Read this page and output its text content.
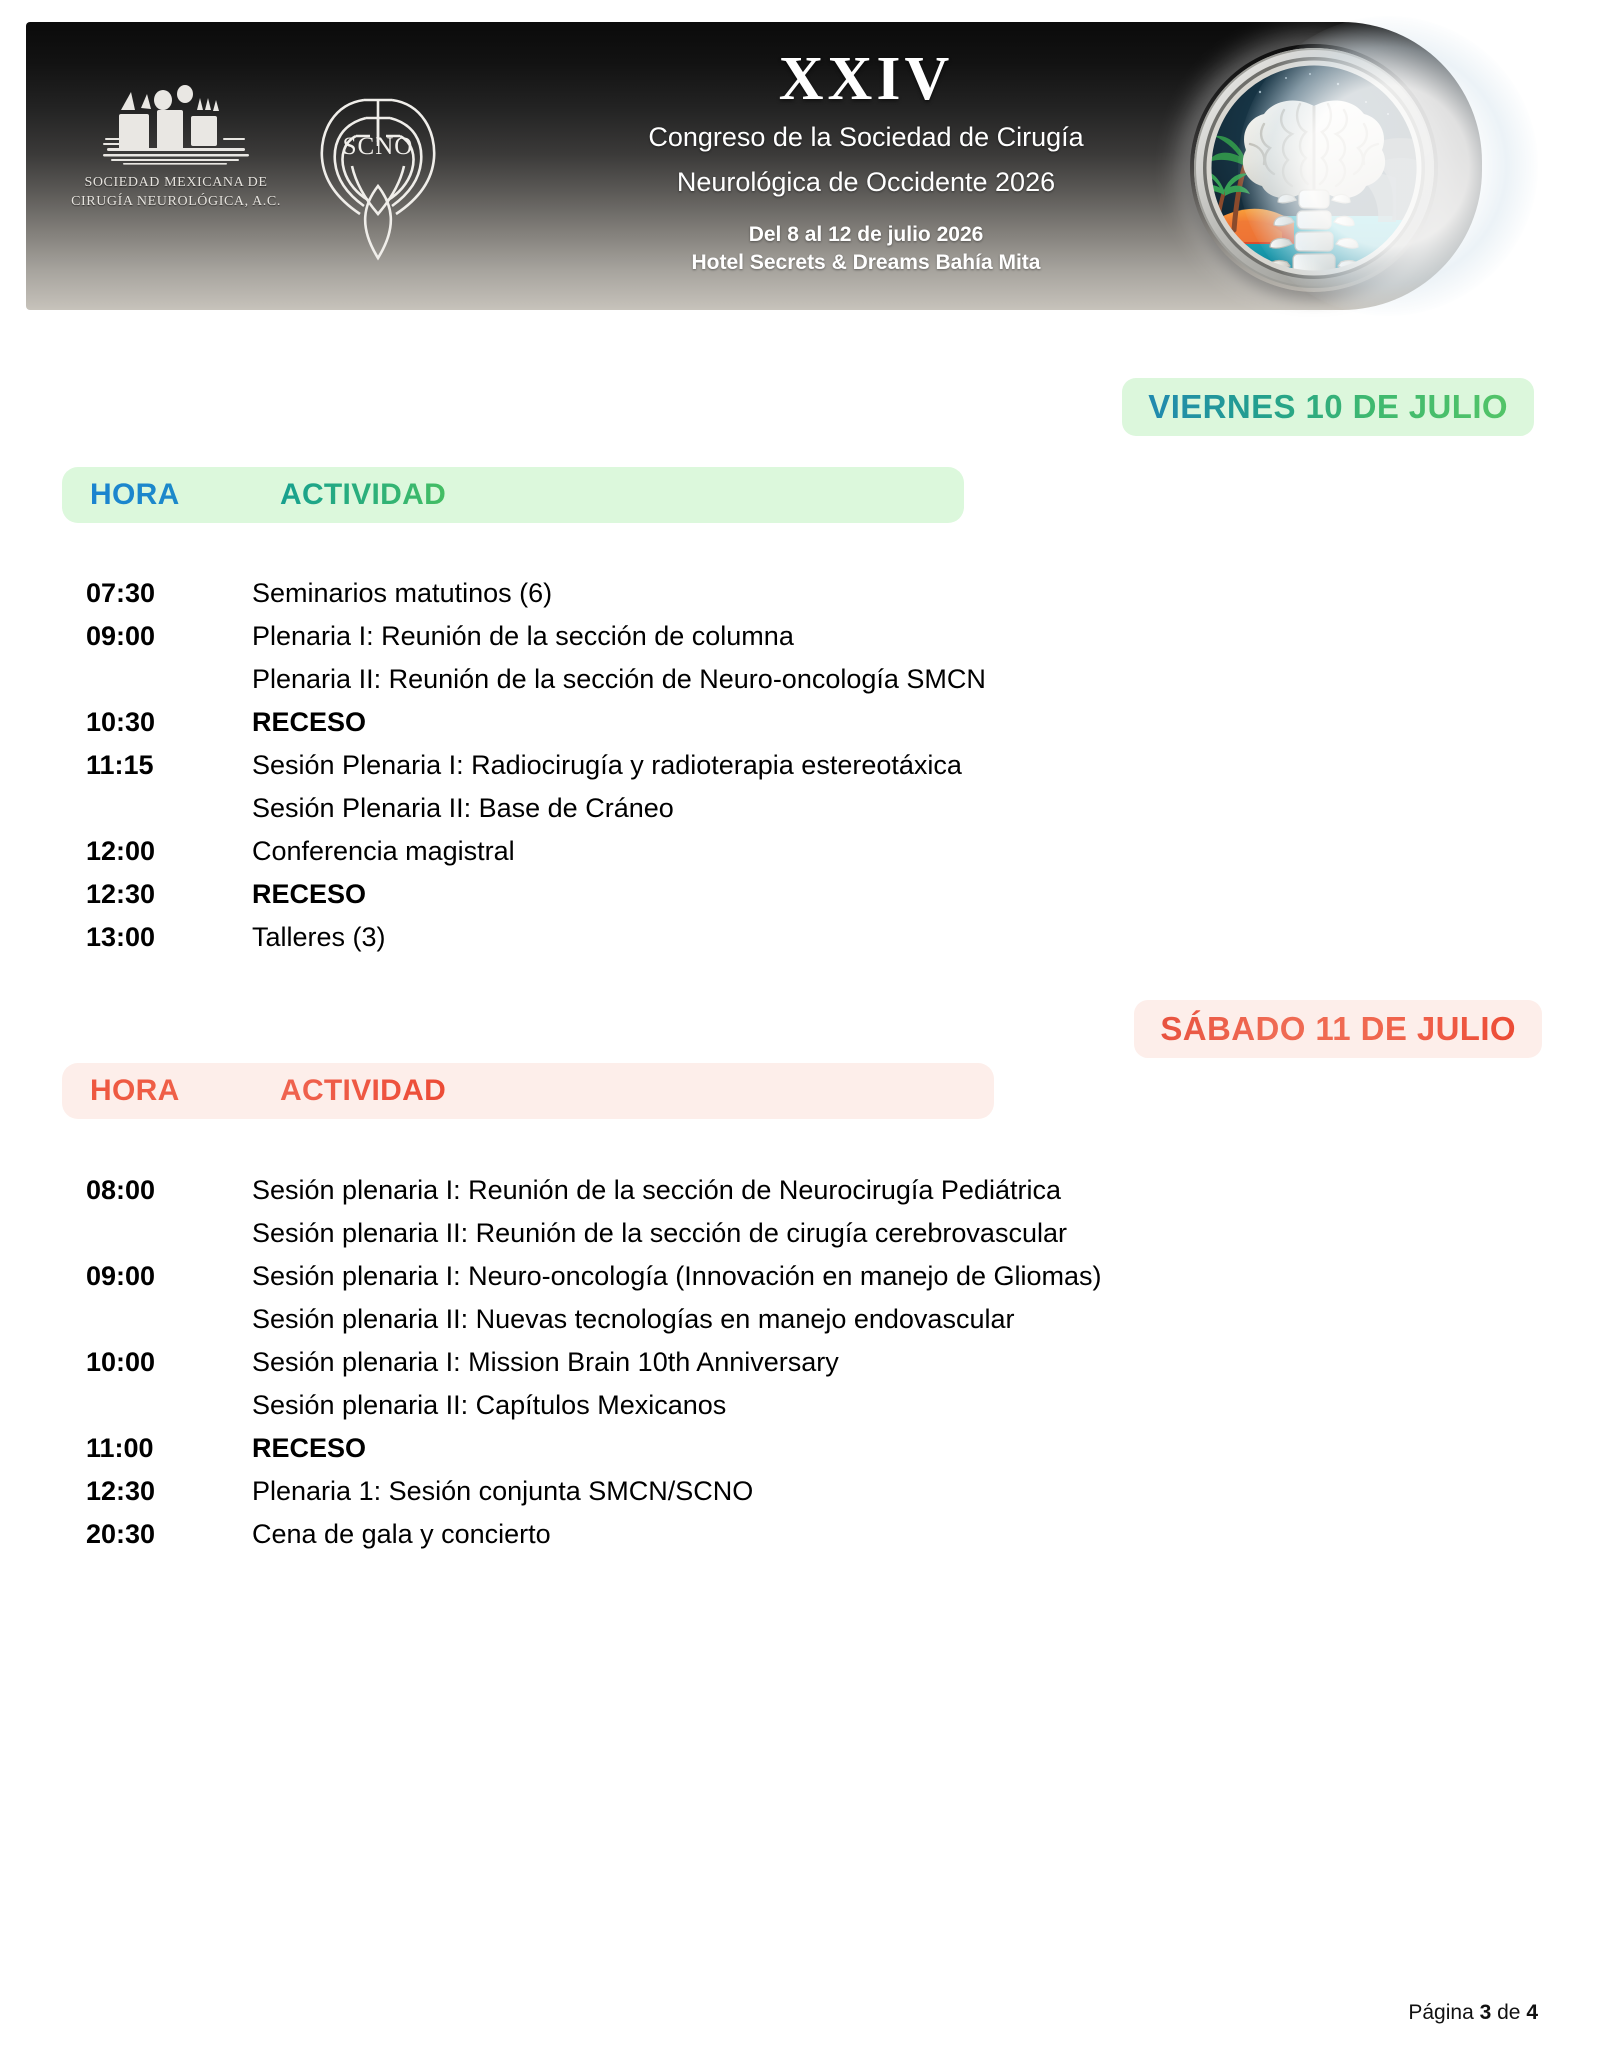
SOCIEDAD MEXICANA DE
CIRUGÍA NEUROLÓGICA, A.C.
SCNO
XXIV
Congreso de la Sociedad de Cirugía
Neurológica de Occidente 2026
Del 8 al 12 de julio 2026
Hotel Secrets & Dreams Bahía Mita
VIERNES 10 DE JULIO
HORA	ACTIVIDAD
07:30	Seminarios matutinos (6)
09:00	Plenaria I: Reunión de la sección de columna
Plenaria II: Reunión de la sección de Neuro-oncología SMCN
10:30	RECESO
11:15	Sesión Plenaria I: Radiocirugía y radioterapia estereotáxica
Sesión Plenaria II: Base de Cráneo
12:00	Conferencia magistral
12:30	RECESO
13:00	Talleres (3)
SÁBADO 11 DE JULIO
HORA	ACTIVIDAD
08:00	Sesión plenaria I: Reunión de la sección de Neurocirugía Pediátrica
Sesión plenaria II: Reunión de la sección de cirugía cerebrovascular
09:00	Sesión plenaria I: Neuro-oncología (Innovación en manejo de Gliomas)
Sesión plenaria II: Nuevas tecnologías en manejo endovascular
10:00	Sesión plenaria I: Mission Brain 10th Anniversary
Sesión plenaria II: Capítulos Mexicanos
11:00	RECESO
12:30	Plenaria 1: Sesión conjunta SMCN/SCNO
20:30	Cena de gala y concierto
Página 3 de 4
